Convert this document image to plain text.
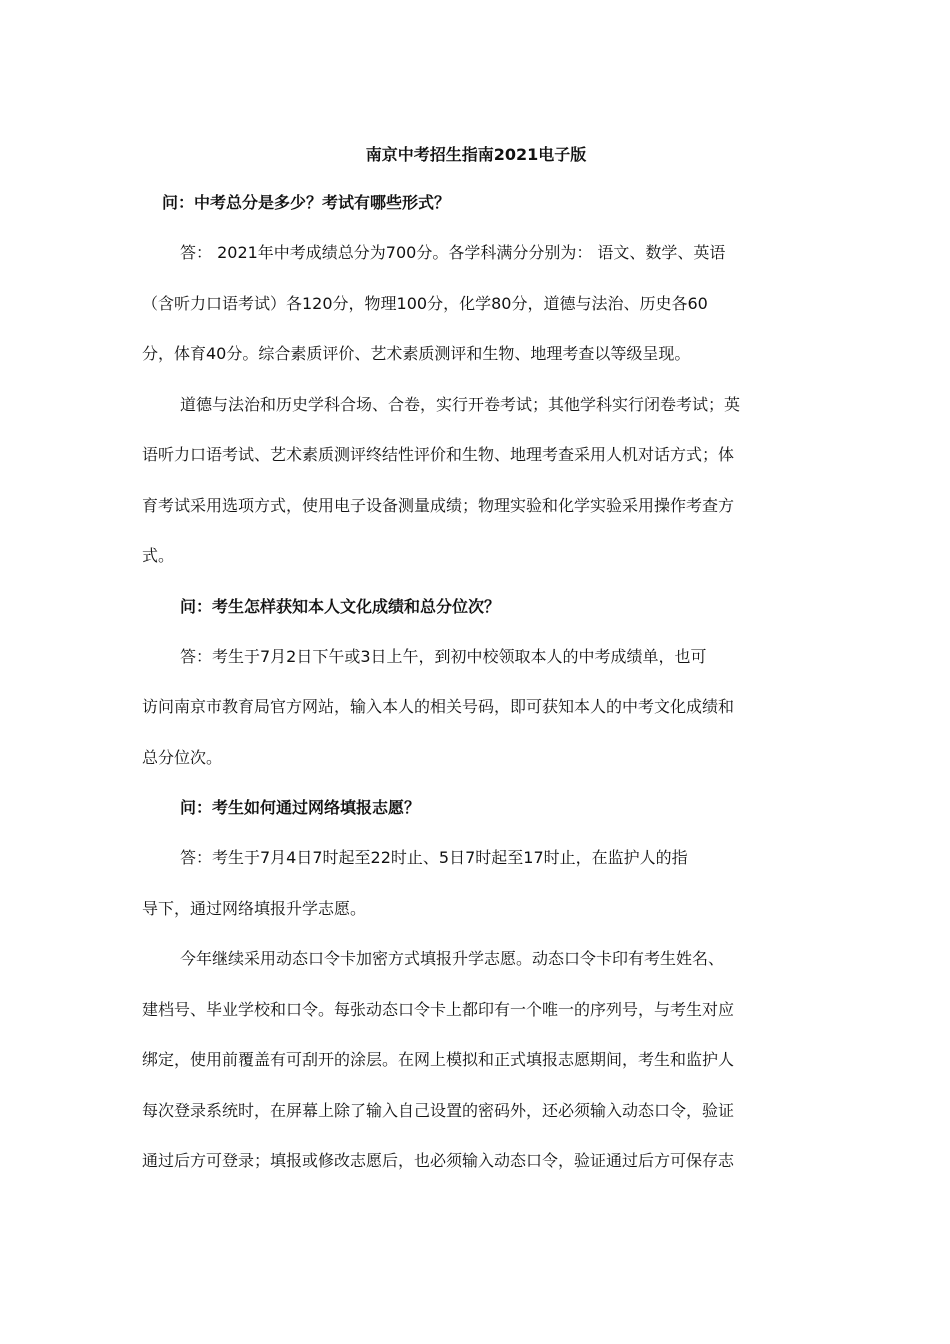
南京中考招生指南2021电子版
问：中考总分是多少？考试有哪些形式？
答： 2021年中考成绩总分为700分。各学科满分分别为： 语文、数学、英语
（含听力口语考试）各120分，物理100分，化学80分，道德与法治、历史各60
分，体育40分。综合素质评价、艺术素质测评和生物、地理考查以等级呈现。
道德与法治和历史学科合场、合卷，实行开卷考试；其他学科实行闭卷考试；英
语听力口语考试、艺术素质测评终结性评价和生物、地理考查采用人机对话方式；体
育考试采用选项方式，使用电子设备测量成绩；物理实验和化学实验采用操作考查方
式。
问：考生怎样获知本人文化成绩和总分位次？
答：考生于7月2日下午或3日上午，到初中校领取本人的中考成绩单，也可
访问南京市教育局官方网站，输入本人的相关号码，即可获知本人的中考文化成绩和
总分位次。
问：考生如何通过网络填报志愿？
答：考生于7月4日7时起至22时止、5日7时起至17时止，在监护人的指
导下，通过网络填报升学志愿。
今年继续采用动态口令卡加密方式填报升学志愿。动态口令卡印有考生姓名、
建档号、毕业学校和口令。每张动态口令卡上都印有一个唯一的序列号，与考生对应
绑定，使用前覆盖有可刮开的涂层。在网上模拟和正式填报志愿期间，考生和监护人
每次登录系统时，在屏幕上除了输入自己设置的密码外，还必须输入动态口令，验证
通过后方可登录；填报或修改志愿后，也必须输入动态口令，验证通过后方可保存志
